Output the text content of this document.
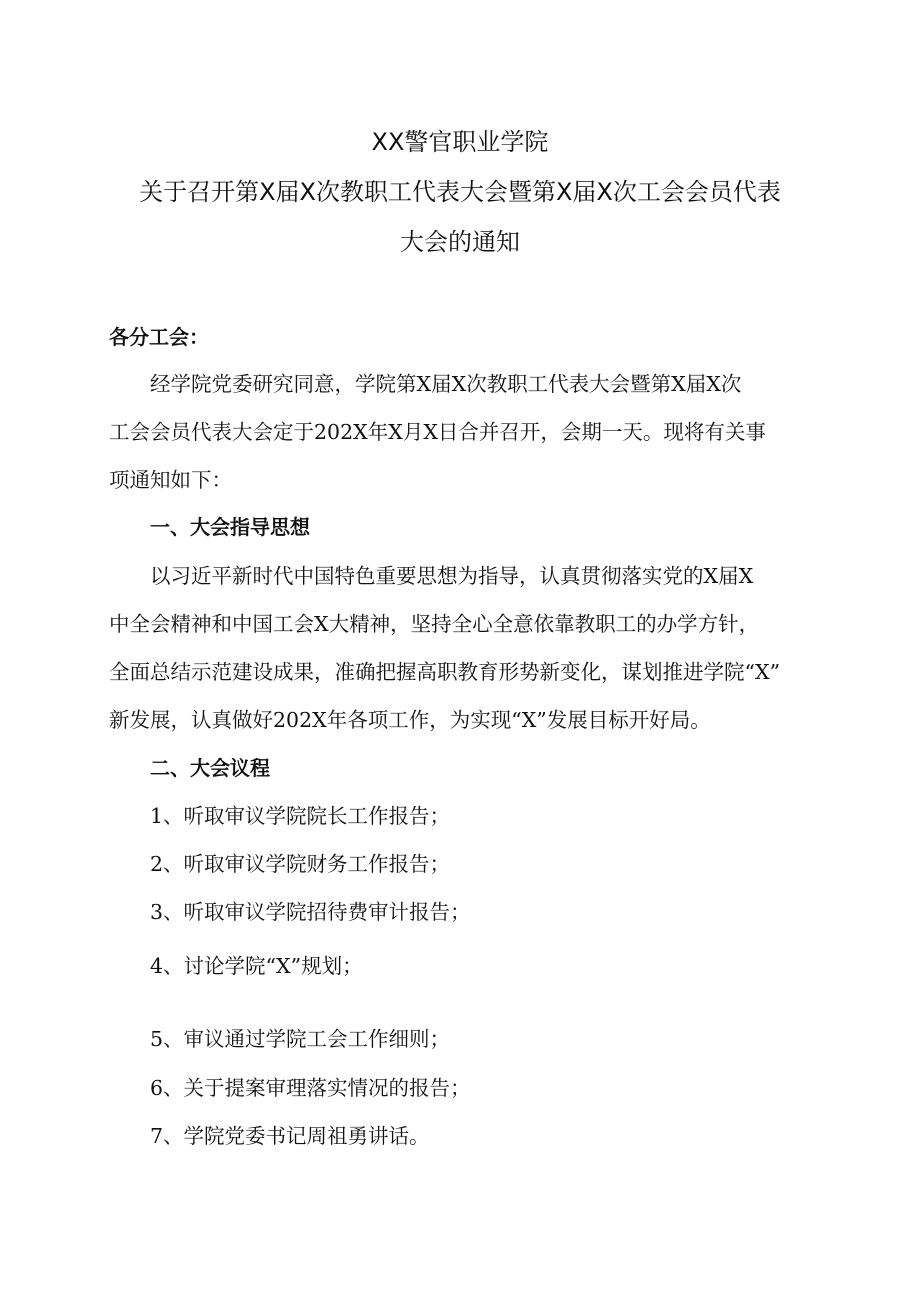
XX警官职业学院
关于召开第X届X次教职工代表大会暨第X届X次工会会员代表
大会的通知
各分工会：
经学院党委研究同意，学院第X届X次教职工代表大会暨第X届X次
工会会员代表大会定于202X年X月X日合并召开，会期一天。现将有关事
项通知如下：
一、大会指导思想
以习近平新时代中国特色重要思想为指导，认真贯彻落实党的X届X
中全会精神和中国工会X大精神，坚持全心全意依靠教职工的办学方针，
全面总结示范建设成果，准确把握高职教育形势新变化，谋划推进学院“X”
新发展，认真做好202X年各项工作，为实现“X”发展目标开好局。
二、大会议程
1、听取审议学院院长工作报告；
2、听取审议学院财务工作报告；
3、听取审议学院招待费审计报告；
4、讨论学院“X”规划；
5、审议通过学院工会工作细则；
6、关于提案审理落实情况的报告；
7、学院党委书记周祖勇讲话。
